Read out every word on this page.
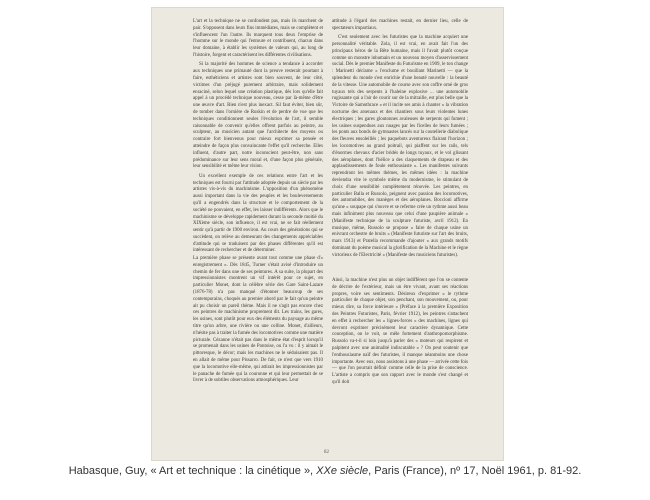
L'art et la technique ne se confondent pas, mais ils marchent de pair. S'opposent dans leurs fins immédiates, mais se complètent et s'influencent l'un l'autre. Ils marquent tous deux l'emprise de l'homme sur le monde qui l'entoure et contribuent, chacun dans leur domaine, à établir les systèmes de valeurs qui, au long de l'histoire, forgent et caractérisent les différentes civilisations.

Si la majorité des hommes de science a tendance à accorder aux techniques une primauté dont la preuve resterait pourtant à faire, esthéticiens et artistes sont bien souvent, de leur côté, victimes d'un préjugé purement arbitraire, mais solidement enraciné, selon lequel une création plastique, dès lors qu'elle fait appel à un procédé technique nouveau, cesse par là-même d'être une œuvre d'art. Rien n'est plus inexact. Sil faut éviter, bien sûr, de tomber dans l'ornière de Ruskin et de perdre de vue que les techniques conditionnent seules l'évolution de l'art, il semble raisonnable de convenir qu'elles offrent parfois au peintre, au sculpteur, au musicien autant que l'architecte des moyens ou contraire fort bienvenus pour mieux exprimer sa pensée et atteindre de façon plus convaincante l'effet qu'il recherche. Elles influent, d'autre part, notre inconscient peut-être, non sans prédominance sur leur sens moral et, d'une façon plus générale, leur sensibilité et même leur vision.

Un excellent exemple de ces relations entre l'art et les techniques est fourni par l'attitude adoptée depuis un siècle par les artistes vis-à-vis du machinisme. L'opposition d'un phénomène aussi important dans la vie des peuples et les bouleversements qu'il a engendrés dans la structure et le comportement de la société ne pouvaient, en effet, les laisser indifférents. Alors que le machinisme se développe rapidement durant la seconde moitié du XIXème siècle, son influence, il est vrai, ne se fait réellement sentir qu'à partir de 1900 environ. Au cours des générations qui se succèdent, on relève au demeurant des changements appréciables d'attitude qui se traduisent par des phases différentes qu'il est intéressant de rechercher et de déterminer.

attitude à l'égard des machines restait, en dernier lieu, celle de spectateurs impartiaux.

C'est seulement avec les futuristes que la machine acquiert une personnalité véritable. Zola, il est vrai, en avait fait l'un des principaux héros de la Bête humaine, mais il l'avait plutôt conçue comme un monstre inhumain et un nouveau moyen d'asservissement social. Dès le premier Manifeste du Futurisme en 1909, le ton change : Marinetti déclame « l'enclume et bouillant Marinetti — que la splendeur du monde s'est enrichie d'une beauté nouvelle : la beauté de la vitesse. Une automobile de course avec son coffre orné de gros tuyaux tels des serpents à l'haleine explosive ... une automobile rugissante qui a l'air de courir sur de la mitraille, est plus belle que la Victoire de Samothrace » et il incite ses amis à chanter « la vibration nocturne des arsenaux et des chantiers sous leurs violentes lunes électriques ; les gares gloutonnes avaleuses de serpents qui fument ; les usines suspendues aux nuages par les ficelles de leurs fumées ; les ponts aux bonds de gymnastes lancés sur la coutellerie diabolique des fleuves ensoleillés ; les paquebots aventureux flairant l'horizon ; les locomotives au grand poitrail, qui piaffent sur les rails, tels d'énormes chevaux d'acier bridés de longs tuyaux, et le vol glissant des aéroplanes, dont l'hélice a des claquements de drapeau et des applaudissements de foule enthousiaste ». Les manifestes suivants reprendront les mêmes thèmes, les mêmes idées : la machine deviendra vite le symbole même du modernisme, le stimulant de choix d'une sensibilité complètement rénovée. Les peintres, en particulier Balla et Russolo, peignent avec passion des locomotives, des automobiles, des manèges et des aéroplanes. Boccioni affirme qu'une « soupape qui s'ouvre et se referme crée un rythme aussi beau mais infiniment plus nouveau que celui d'une paupière animale » (Manifeste technique de la sculpture futuriste, avril 1912). En musique, même, Russolo se propose « faire de chaque usine un enivrant orchestre de bruits » (Manifeste futuriste sur l'art des bruits, mars 1913) et Pratella recommande d'ajouter « aux grands motifs dominant du poème musical la glorification de la Machine et le règne victorieux de l'Electricité » (Manifeste des musiciens futuristes).

La première phase se présente avant tout comme une phase d'« enregistrement ». Dès 1845, Turner s'était avisé d'introduire un chemin de fer dans une de ses peintures. A sa suite, la plupart des impressionnistes montrent un vif intérêt pour ce sujet, en particulier Monet, dont la célèbre série des Gare Saint-Lazare (1876-78) n'a pas manqué d'étonner beaucoup de ses contemporains, choqués au premier abord par le fait qu'un peintre ait pu choisir un pareil thème. Mais il ne s'agit pas encore chez ces peintres de machinisme proprement dit. Les trains, les gares, les usines, sont plutôt pour eux des éléments du paysage au même titre qu'un arbre, une rivière ou une colline. Monet, d'ailleurs, n'hésite pas à traiter la fumée des locomotives comme une matière picturale. Cézanne n'était pas dans le même état d'esprit lorsqu'il se promenait dans les usines de Pontoise, ou l'a vu : il y aimait le pittoresque, le décor; mais les machines ne le séduisaient pas. Il en allait de même pour Pissarro. De fait, ce n'est que vers 1910 que la locomotive elle-même, qui attirait les impressionnistes par le panache de fumée qui la couronne et qui leur permettait de se livrer à de subtiles observations atmosphériques. Leur

Ainsi, la machine n'est plus un objet indifférent que l'on se contente de décrire de l'extérieur, mais un être vivant, avant ses réactions propres, voire ses sentiments. Désireux d'exprimer « le rythme particulier de chaque objet, son penchant, son mouvement, ou, pour mieux dire, sa force intérieure » (Préface à la première Exposition des Peintres Futuristes, Paris, février 1912), les peintres s'attachent en effet à rechercher les « lignes-forces » des machines, lignes qui devront exprimer précisément leur caractère dynamique. Cette conception, on le voit, se mêle fortement d'anthropomorphisme. Russolo va-t-il si loin jusqu'à parler des « moteurs qui respirent et palpitent avec une animalité indiscutable » ? On peut soutenir que l'enthousiasme naïf des futuristes, il manque néanmoins une chose importante. Avec eux, nous assistons à une phase — arrivée cette fois — que l'on pourrait définir comme celle de la prise de conscience. L'artiste a compris que son rapport avec le monde s'est changé et qu'il doit

82
Habasque, Guy, « Art et technique : la cinétique », XXe siècle, Paris (France), nº 17, Noël 1961, p. 81-92.
